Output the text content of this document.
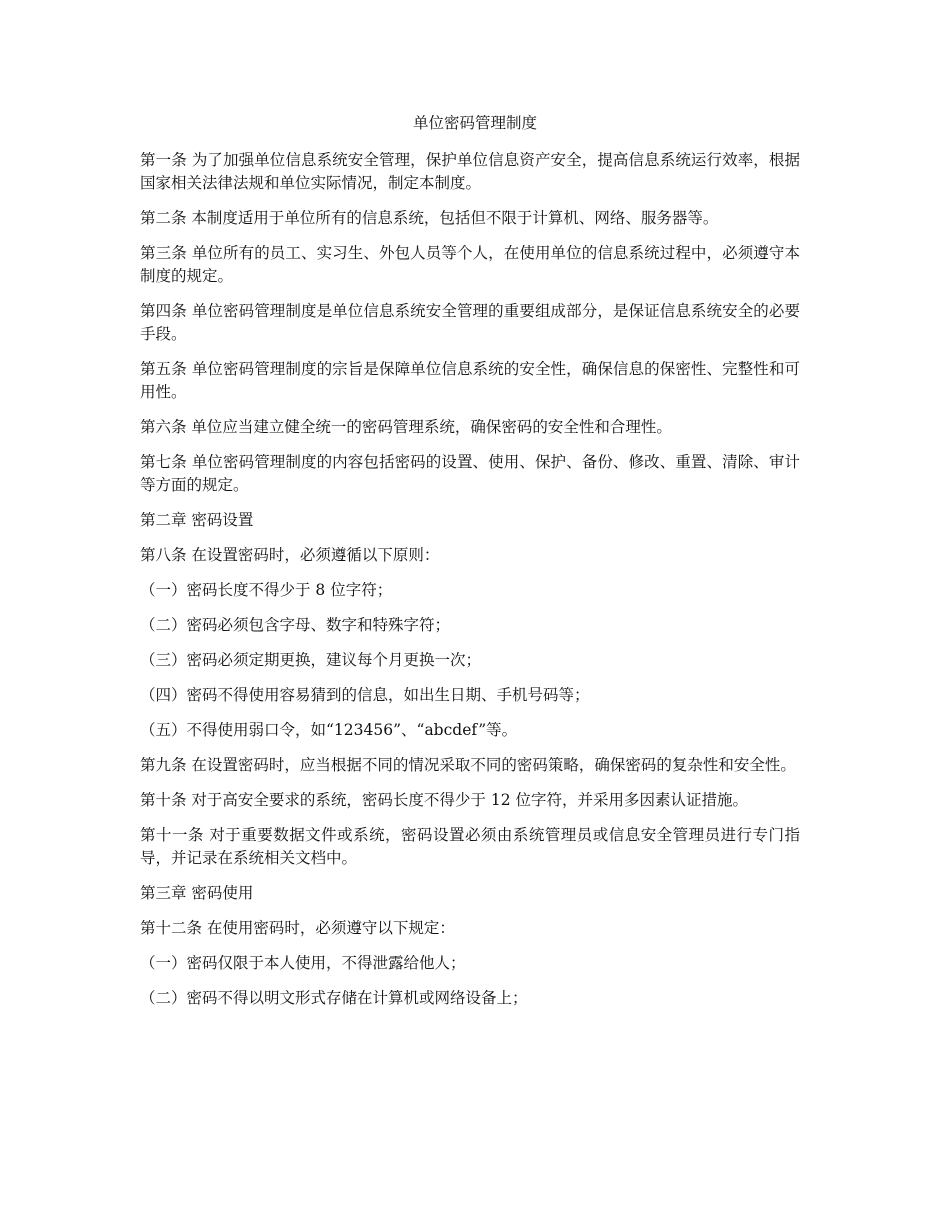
单位密码管理制度

第一条 为了加强单位信息系统安全管理，保护单位信息资产安全，提高信息系统运行效率，根据国家相关法律法规和单位实际情况，制定本制度。

第二条 本制度适用于单位所有的信息系统，包括但不限于计算机、网络、服务器等。

第三条 单位所有的员工、实习生、外包人员等个人，在使用单位的信息系统过程中，必须遵守本制度的规定。

第四条 单位密码管理制度是单位信息系统安全管理的重要组成部分，是保证信息系统安全的必要手段。

第五条 单位密码管理制度的宗旨是保障单位信息系统的安全性，确保信息的保密性、完整性和可用性。

第六条 单位应当建立健全统一的密码管理系统，确保密码的安全性和合理性。

第七条 单位密码管理制度的内容包括密码的设置、使用、保护、备份、修改、重置、清除、审计等方面的规定。

第二章 密码设置

第八条 在设置密码时，必须遵循以下原则：

（一）密码长度不得少于 8 位字符；

（二）密码必须包含字母、数字和特殊字符；

（三）密码必须定期更换，建议每个月更换一次；

（四）密码不得使用容易猜到的信息，如出生日期、手机号码等；

（五）不得使用弱口令，如“123456”、“abcdef”等。

第九条 在设置密码时，应当根据不同的情况采取不同的密码策略，确保密码的复杂性和安全性。

第十条 对于高安全要求的系统，密码长度不得少于 12 位字符，并采用多因素认证措施。

第十一条 对于重要数据文件或系统，密码设置必须由系统管理员或信息安全管理员进行专门指导，并记录在系统相关文档中。

第三章 密码使用

第十二条 在使用密码时，必须遵守以下规定：

（一）密码仅限于本人使用，不得泄露给他人；

（二）密码不得以明文形式存储在计算机或网络设备上；
